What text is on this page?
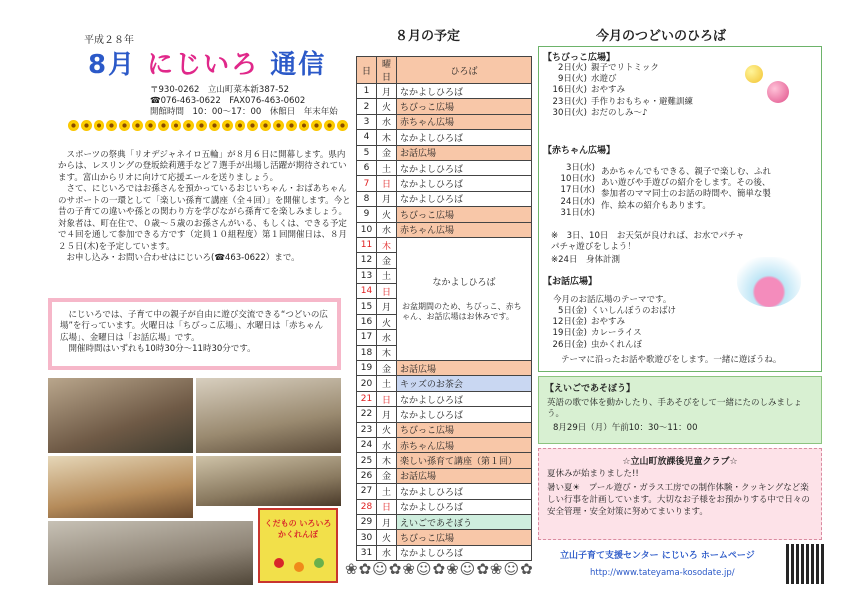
平成２８年
8月 にじいろ 通信
〒930-0262　立山町菜本新387-52
☎076-463-0622　FAX076-463-0602
開館時間　10：00〜17：00　休館日　年末年始

スポーツの祭典「リオデジャネイロ五輪」が８月６日に開幕します。県内からは、レスリングの登坂絵莉選手など７選手が出場し活躍が期待されています。富山からリオに向けて応援エールを送りましょう。

さて、にじいろではお孫さんを預かっているおじいちゃん・おばあちゃんのサポートの一環として「楽しい孫育て講座（全４回）」を開催します。今と昔の子育ての違いや孫との関わり方を学びながら孫育てを楽しみましょう。対象者は、町在住で、０歳〜５歳のお孫さんがいる、もしくは、できる予定で４回を通して参加できる方です（定員１０組程度）第１回開催日は、８月２５日(木)を予定しています。

お申し込み・お問い合わせはにじいろ(☎463-0622）まで。

にじいろでは、子育て中の親子が自由に遊び交流できる“つどいの広場”を行っています。火曜日は「ちびっこ広場」、水曜日は「赤ちゃん広場」、金曜日は「お話広場」です。

開催時間はいずれも10時30分〜11時30分です。

くだもの いろいろ かくれんぼ
８月の予定
日	曜日	ひろば
1	月	なかよしひろば
2	火	ちびっこ広場
3	水	赤ちゃん広場
4	木	なかよしひろば
5	金	お話広場
6	土	なかよしひろば
7	日	なかよしひろば
8	月	なかよしひろば
9	火	ちびっこ広場
10	水	赤ちゃん広場
11	木	なかよしひろば
お盆期間のため、ちびっこ、赤ちゃん、お話広場はお休みです。

12	金	
13	土	
14	日	
15	月	
16	火	
17	水	
18	木	
19	金	お話広場
20	土	キッズのお茶会
21	日	なかよしひろば
22	月	なかよしひろば
23	火	ちびっこ広場
24	水	赤ちゃん広場
25	木	楽しい孫育て講座（第１回）
26	金	お話広場
27	土	なかよしひろば
28	日	なかよしひろば
29	月	えいごであそぼう
30	火	ちびっこ広場
31	水	なかよしひろば
今月のつどいのひろば
【ちびっこ広場】
2日(火) 親子でリトミック
9日(火) 水遊び
16日(火) おやすみ
23日(火) 手作りおもちゃ・避難訓練
30日(火) おだのしみ〜♪
【赤ちゃん広場】
3日(水)
10日(水)
17日(水)
24日(水)
31日(水)
あかちゃんでもできる、親子で楽しむ、ふれあい遊びや手遊びの紹介をします。その後、参加者のママ同士のお話の時間や、簡単な製作、絵本の紹介もあります。
※　3日、10日　お天気が良ければ、お水でパチャパチャ遊びをしよう！
※24日　身体計測
【お話広場】
今月のお話広場のテーマです。
5日(金) くいしんぼうのおばけ
12日(金) おやすみ
19日(金) カレーライス
26日(金) 虫かくれんぼ
テーマに沿ったお話や歌遊びをします。一緒に遊ぼうね。
【えいごであそぼう】
英語の歌で体を動かしたり、手あそびをして一緒にたのしみましょう。
8月29日（月）午前10：30〜11：00
☆立山町放課後児童クラブ☆
夏休みが始まりました!!
暑い夏☀　プール遊び・ガラス工房での制作体験・クッキングなど楽しい行事を計画しています。大切なお子様をお預かりする中で日々の安全管理・安全対策に努めてまいります。
❀✿☺✿❀☺✿❀☺✿❀☺✿
立山子育て支援センター にじいろ ホームページ
http://www.tateyama-kosodate.jp/
